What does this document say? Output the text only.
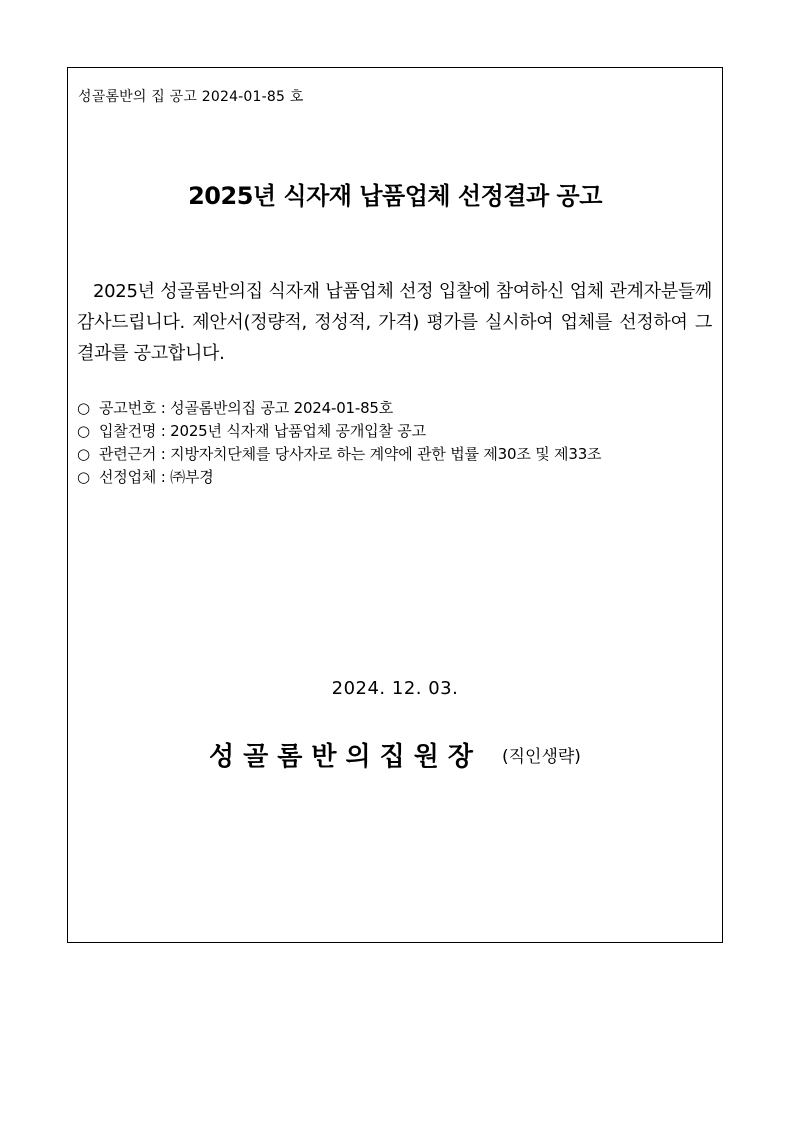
성골롬반의 집 공고 2024-01-85 호
2025년 식자재 납품업체 선정결과 공고
2025년 성골롬반의집 식자재 납품업체 선정 입찰에 참여하신 업체 관계자분들께 감사드립니다. 제안서(정량적, 정성적, 가격) 평가를 실시하여 업체를 선정하여 그 결과를 공고합니다.
○ 공고번호 : 성골롬반의집 공고 2024-01-85호
○ 입찰건명 : 2025년 식자재 납품업체 공개입찰 공고
○ 관련근거 : 지방자치단체를 당사자로 하는 계약에 관한 법률 제30조 및 제33조
○ 선정업체 : ㈜부경
2024. 12. 03.
성골롬반의집원장 (직인생략)
